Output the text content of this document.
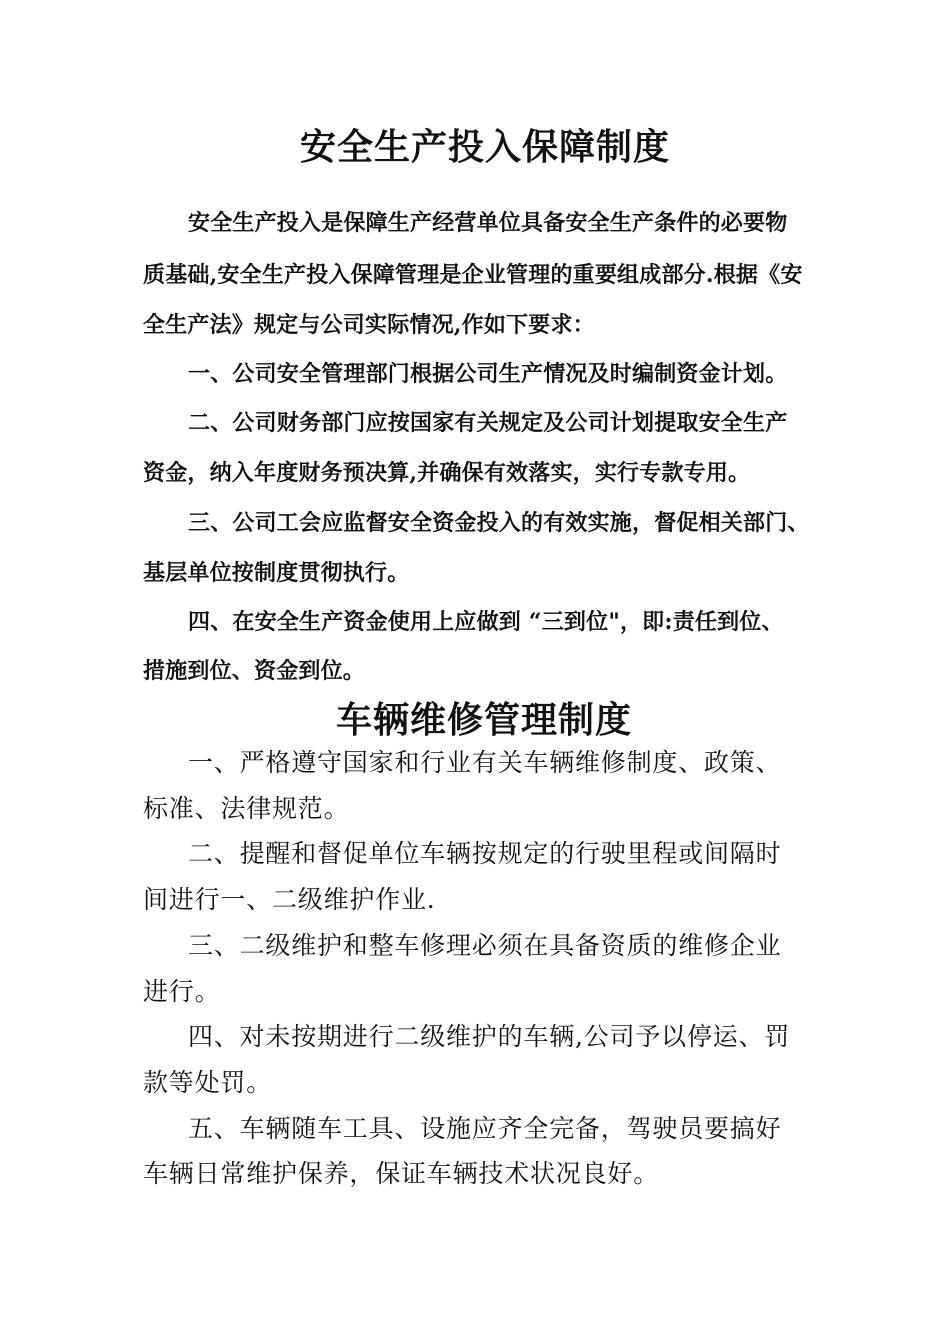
安全生产投入保障制度

安全生产投入是保障生产经营单位具备安全生产条件的必要物

质基础,安全生产投入保障管理是企业管理的重要组成部分.根据《安

全生产法》规定与公司实际情况,作如下要求：

一、公司安全管理部门根据公司生产情况及时编制资金计划。

二、公司财务部门应按国家有关规定及公司计划提取安全生产

资金，纳入年度财务预决算,并确保有效落实，实行专款专用。

三、公司工会应监督安全资金投入的有效实施，督促相关部门、

基层单位按制度贯彻执行。

四、在安全生产资金使用上应做到 “三到位"，即:责任到位、

措施到位、资金到位。

车辆维修管理制度

一、严格遵守国家和行业有关车辆维修制度、政策、

标准、法律规范。

二、提醒和督促单位车辆按规定的行驶里程或间隔时

间进行一、二级维护作业.

三、二级维护和整车修理必须在具备资质的维修企业

进行。

四、对未按期进行二级维护的车辆,公司予以停运、罚

款等处罚。

五、车辆随车工具、设施应齐全完备，驾驶员要搞好

车辆日常维护保养，保证车辆技术状况良好。
